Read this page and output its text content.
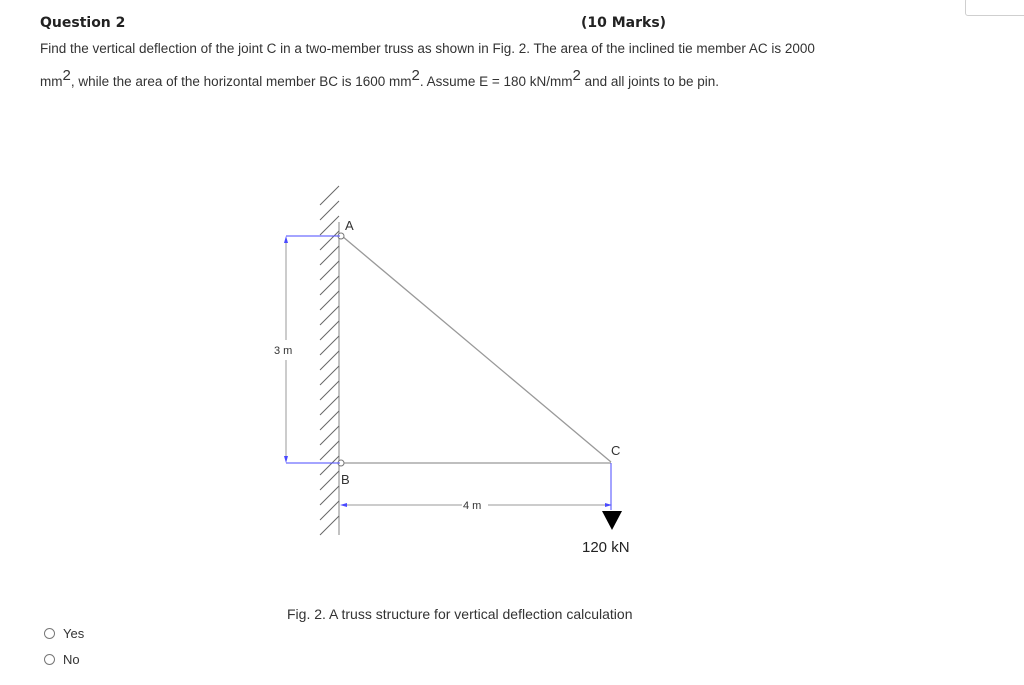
Question 2	(10 Marks)
Find the vertical deflection of the joint C in a two-member truss as shown in Fig. 2. The area of the inclined tie member AC is 2000
$mm^2$, while the area of the horizontal member BC is 1600 $mm^2$. Assume E = 180 $kN/mm^2$ and all joints to be pin.
A
B
C
3 m
4 m
120 kN
Fig. 2. A truss structure for vertical deflection calculation
Yes
No
